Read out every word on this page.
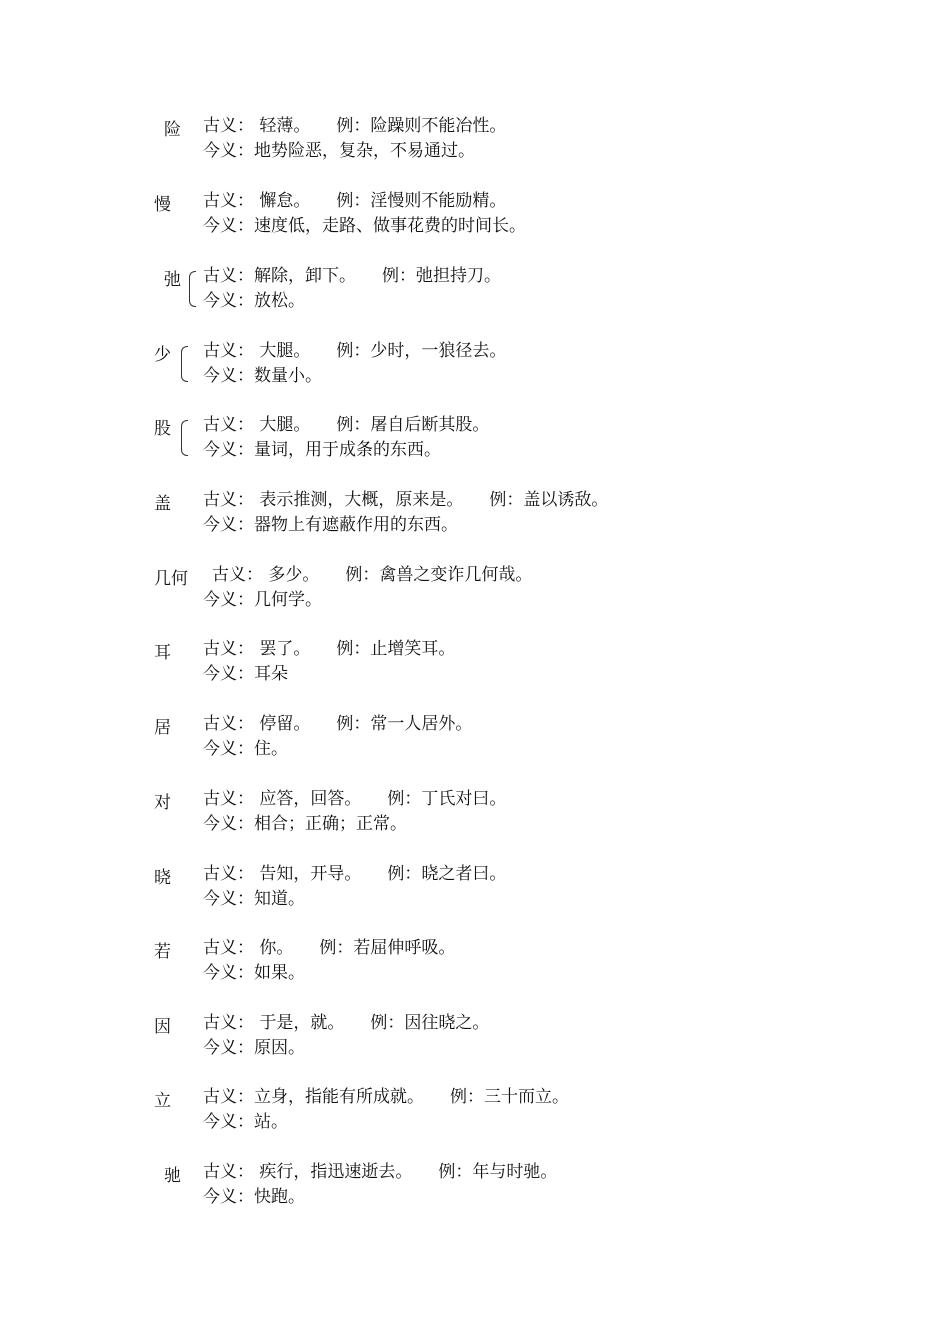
险 古义： 轻薄。 例：险躁则不能冶性。
今义：地势险恶，复杂，不易通过。
慢 古义： 懈怠。 例：淫慢则不能励精。
今义：速度低，走路、做事花费的时间长。
弛 古义：解除，卸下。 例：弛担持刀。
今义：放松。
少 古义： 大腿。 例：少时，一狼径去。
今义：数量小。
股 古义： 大腿。 例：屠自后断其股。
今义：量词，用于成条的东西。
盖 古义： 表示推测，大概，原来是。 例：盖以诱敌。
今义：器物上有遮蔽作用的东西。
几何 古义： 多少。 例：禽兽之变诈几何哉。
今义：几何学。
耳 古义： 罢了。 例：止增笑耳。
今义：耳朵
居 古义： 停留。 例：常一人居外。
今义：住。
对 古义： 应答，回答。 例：丁氏对曰。
今义：相合；正确；正常。
晓 古义： 告知，开导。 例：晓之者曰。
今义：知道。
若 古义： 你。 例：若屈伸呼吸。
今义：如果。
因 古义： 于是，就。 例：因往晓之。
今义：原因。
立 古义：立身，指能有所成就。 例：三十而立。
今义：站。
驰 古义： 疾行，指迅速逝去。 例：年与时驰。
今义：快跑。
